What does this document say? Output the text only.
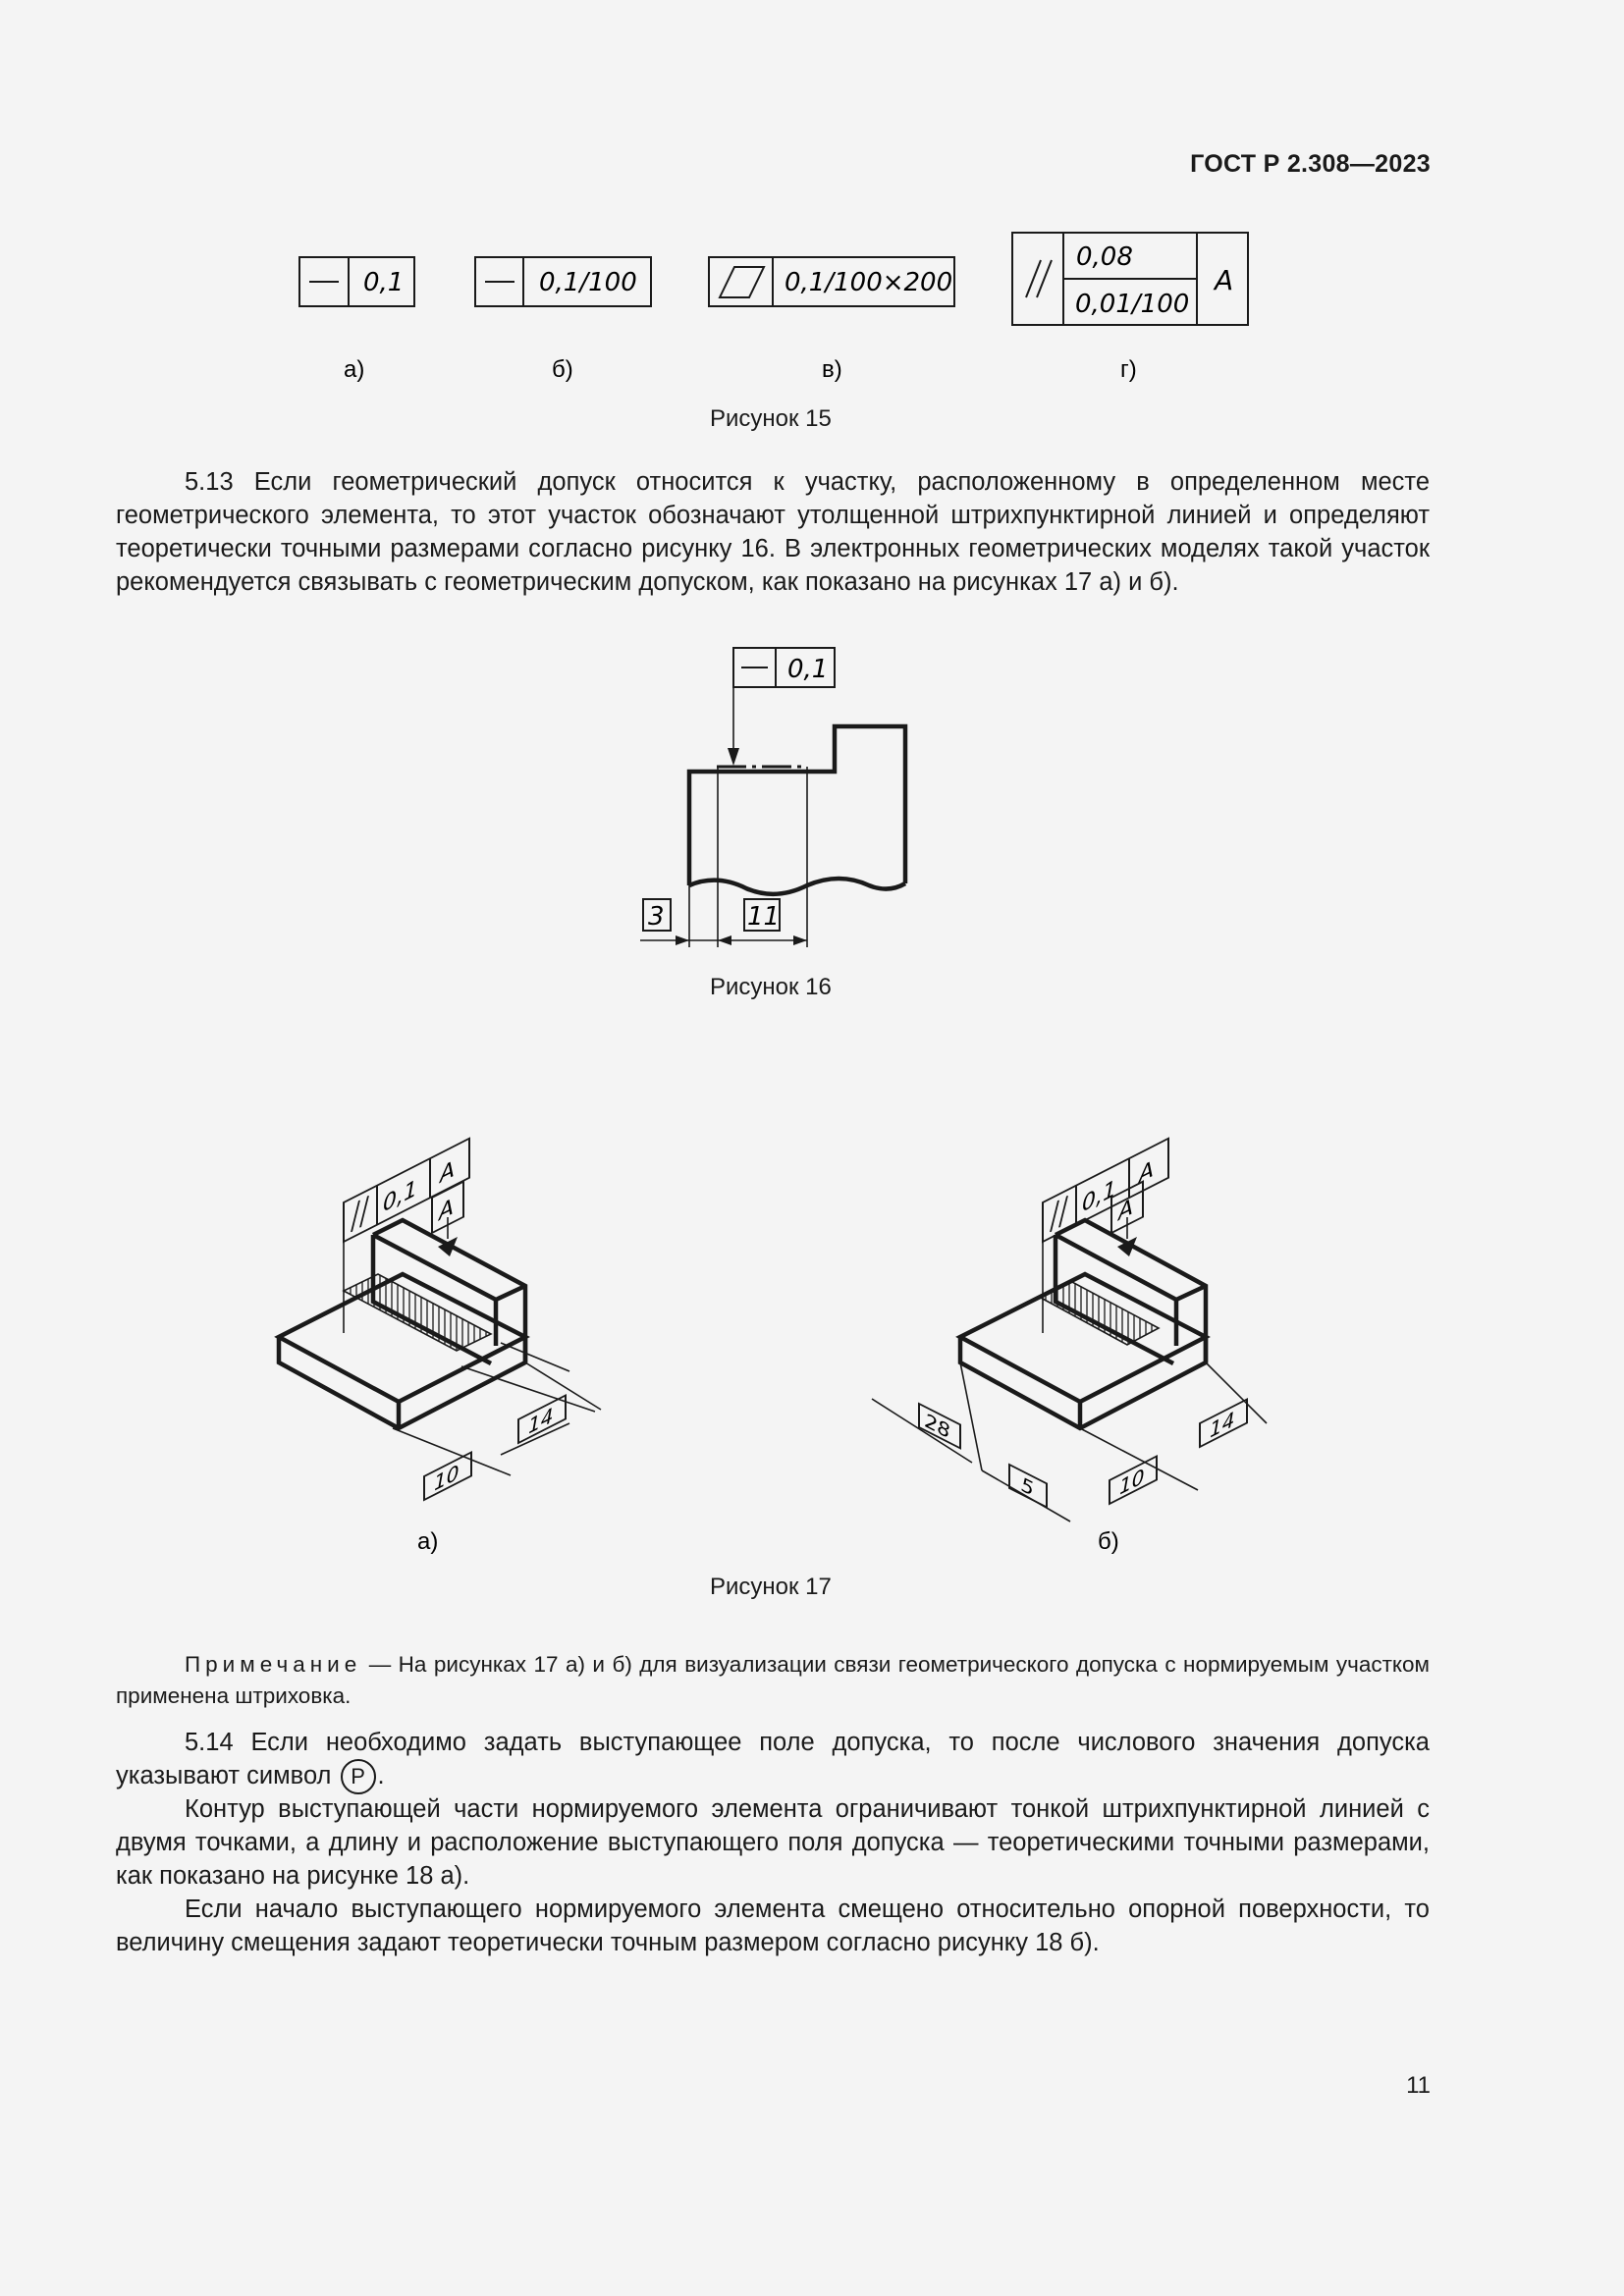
ГОСТ Р 2.308—2023
0,1	0,1/100	0,1/100×200
0,08
0,01/100
A
а)	б)	в)	г)
Рисунок 15

5.13 Если геометрический допуск относится к участку, расположенному в определенном месте геометрического элемента, то этот участок обозначают утолщенной штрихпунктирной линией и определяют теоретически точными размерами согласно рисунку 16. В электронных геометрических моделях такой участок рекомендуется связывать с геометрическим допуском, как показано на рисунках 17 а) и б).

0,1
3	11
Рисунок 16
0,1
A
A
14
10
а)
0,1
A
A
28
5	10
14
б)
Рисунок 17

Примечание — На рисунках 17 а) и б) для визуализации связи геометрического допуска с нормируемым участком применена штриховка.

5.14 Если необходимо задать выступающее поле допуска, то после числового значения допуска указывают символ P .

Контур выступающей части нормируемого элемента ограничивают тонкой штрихпунктирной линией с двумя точками, а длину и расположение выступающего поля допуска — теоретическими точными размерами, как показано на рисунке 18 а).

Если начало выступающего нормируемого элемента смещено относительно опорной поверхности, то величину смещения задают теоретически точным размером согласно рисунку 18 б).

11
